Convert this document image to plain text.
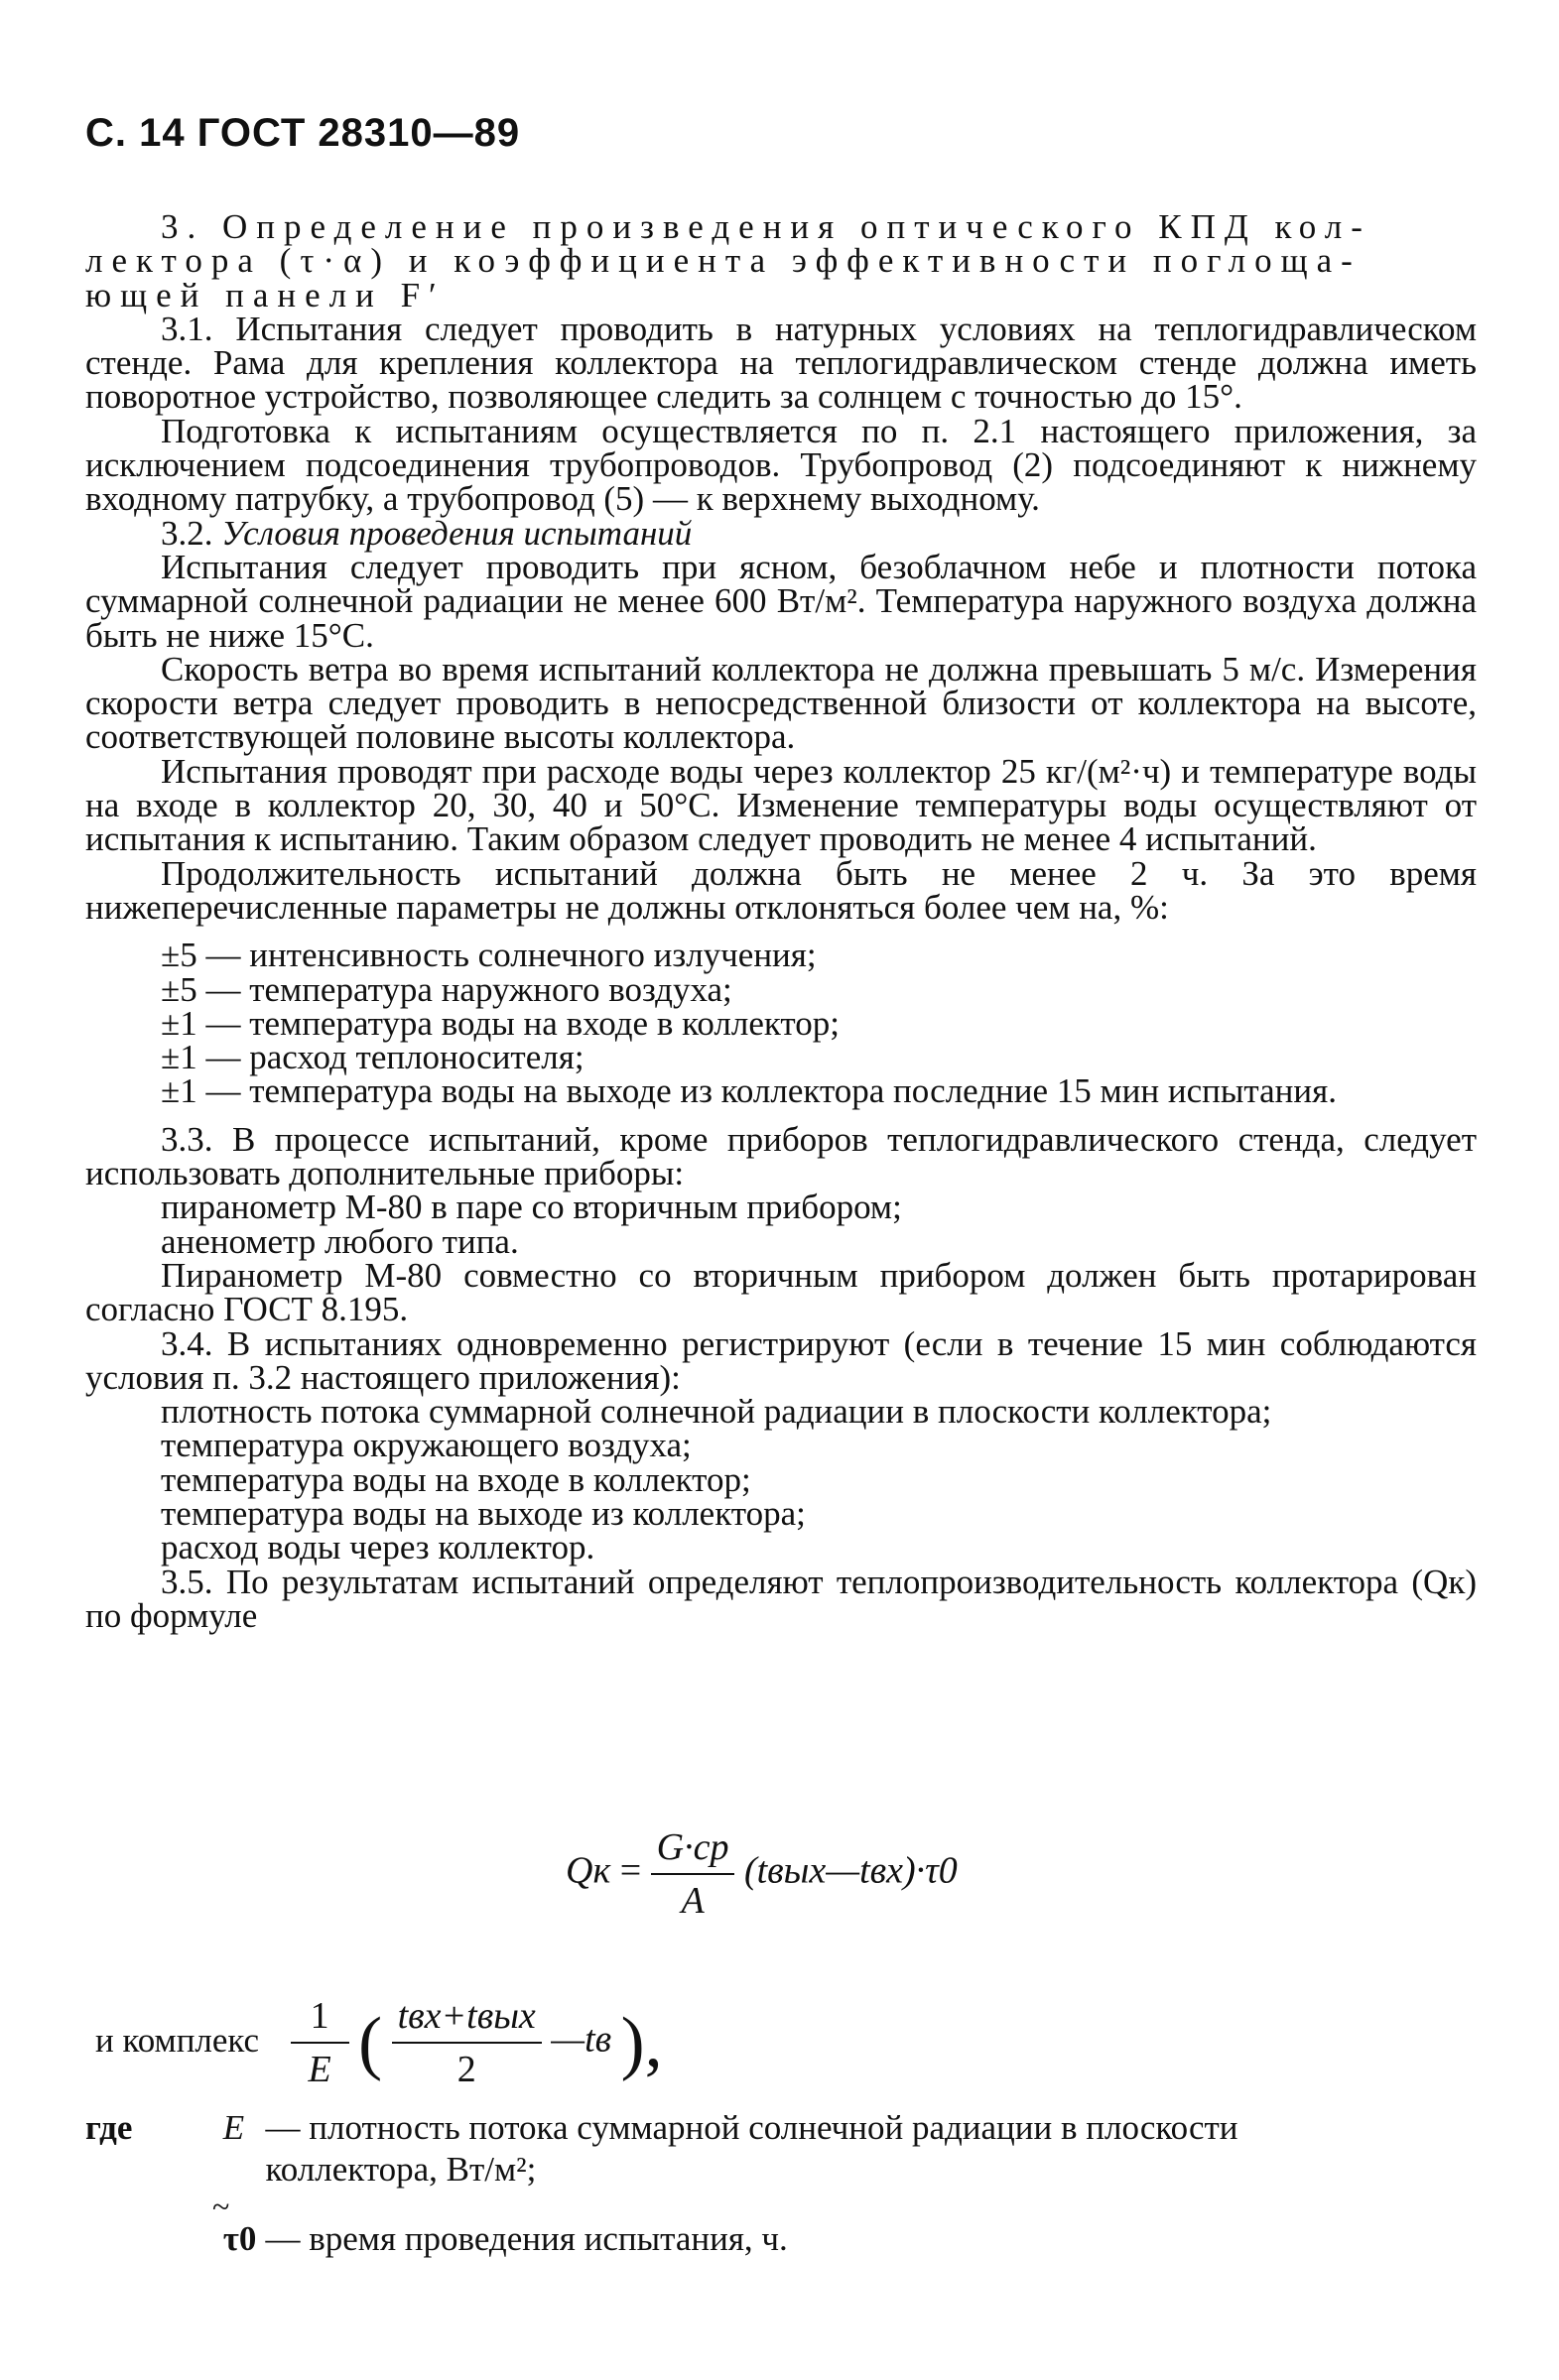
С. 14 ГОСТ 28310—89

3. Определение произведения оптического КПД кол-

лектора (τ·α) и коэффициента эффективности поглоща-

ющей панели F′

3.1. Испытания следует проводить в натурных условиях на теплогидравлическом стенде. Рама для крепления коллектора на теплогидравлическом стенде должна иметь поворотное устройство, позволяющее следить за солнцем с точностью до 15°.

Подготовка к испытаниям осуществляется по п. 2.1 настоящего приложения, за исключением подсоединения трубопроводов. Трубопровод (2) подсоединяют к нижнему входному патрубку, а трубопровод (5) — к верхнему выходному.

3.2. Условия проведения испытаний

Испытания следует проводить при ясном, безоблачном небе и плотности потока суммарной солнечной радиации не менее 600 Вт/м². Температура наружного воздуха должна быть не ниже 15°С.

Скорость ветра во время испытаний коллектора не должна превышать 5 м/с. Измерения скорости ветра следует проводить в непосредственной близости от коллектора на высоте, соответствующей половине высоты коллектора.

Испытания проводят при расходе воды через коллектор 25 кг/(м²·ч) и температуре воды на входе в коллектор 20, 30, 40 и 50°С. Изменение температуры воды осуществляют от испытания к испытанию. Таким образом следует проводить не менее 4 испытаний.

Продолжительность испытаний должна быть не менее 2 ч. За это время нижеперечисленные параметры не должны отклоняться более чем на, %:

±5 — интенсивность солнечного излучения;

±5 — температура наружного воздуха;

±1 — температура воды на входе в коллектор;

±1 — расход теплоносителя;

±1 — температура воды на выходе из коллектора последние 15 мин испытания.

3.3. В процессе испытаний, кроме приборов теплогидравлического стенда, следует использовать дополнительные приборы:

пиранометр М-80 в паре со вторичным прибором;

аненометр любого типа.

Пиранометр М-80 совместно со вторичным прибором должен быть протарирован согласно ГОСТ 8.195.

3.4. В испытаниях одновременно регистрируют (если в течение 15 мин соблюдаются условия п. 3.2 настоящего приложения):

плотность потока суммарной солнечной радиации в плоскости коллектора;

температура окружающего воздуха;

температура воды на входе в коллектор;

температура воды на выходе из коллектора;

расход воды через коллектор.

3.5. По результатам испытаний определяют теплопроизводительность коллектора (Qк) по формуле

Qк = $\frac{G\cdot cр}{A}$ (tвых—tвх)·τ0
и комплекс $\frac{1}{E}$ ( $\frac{\text{tвх+tвых}}{2}$ —tв ),
где	E — плотность потока суммарной солнечной радиации в плоскости коллектора, Вт/м²;
~
τ0 — время проведения испытания, ч.
